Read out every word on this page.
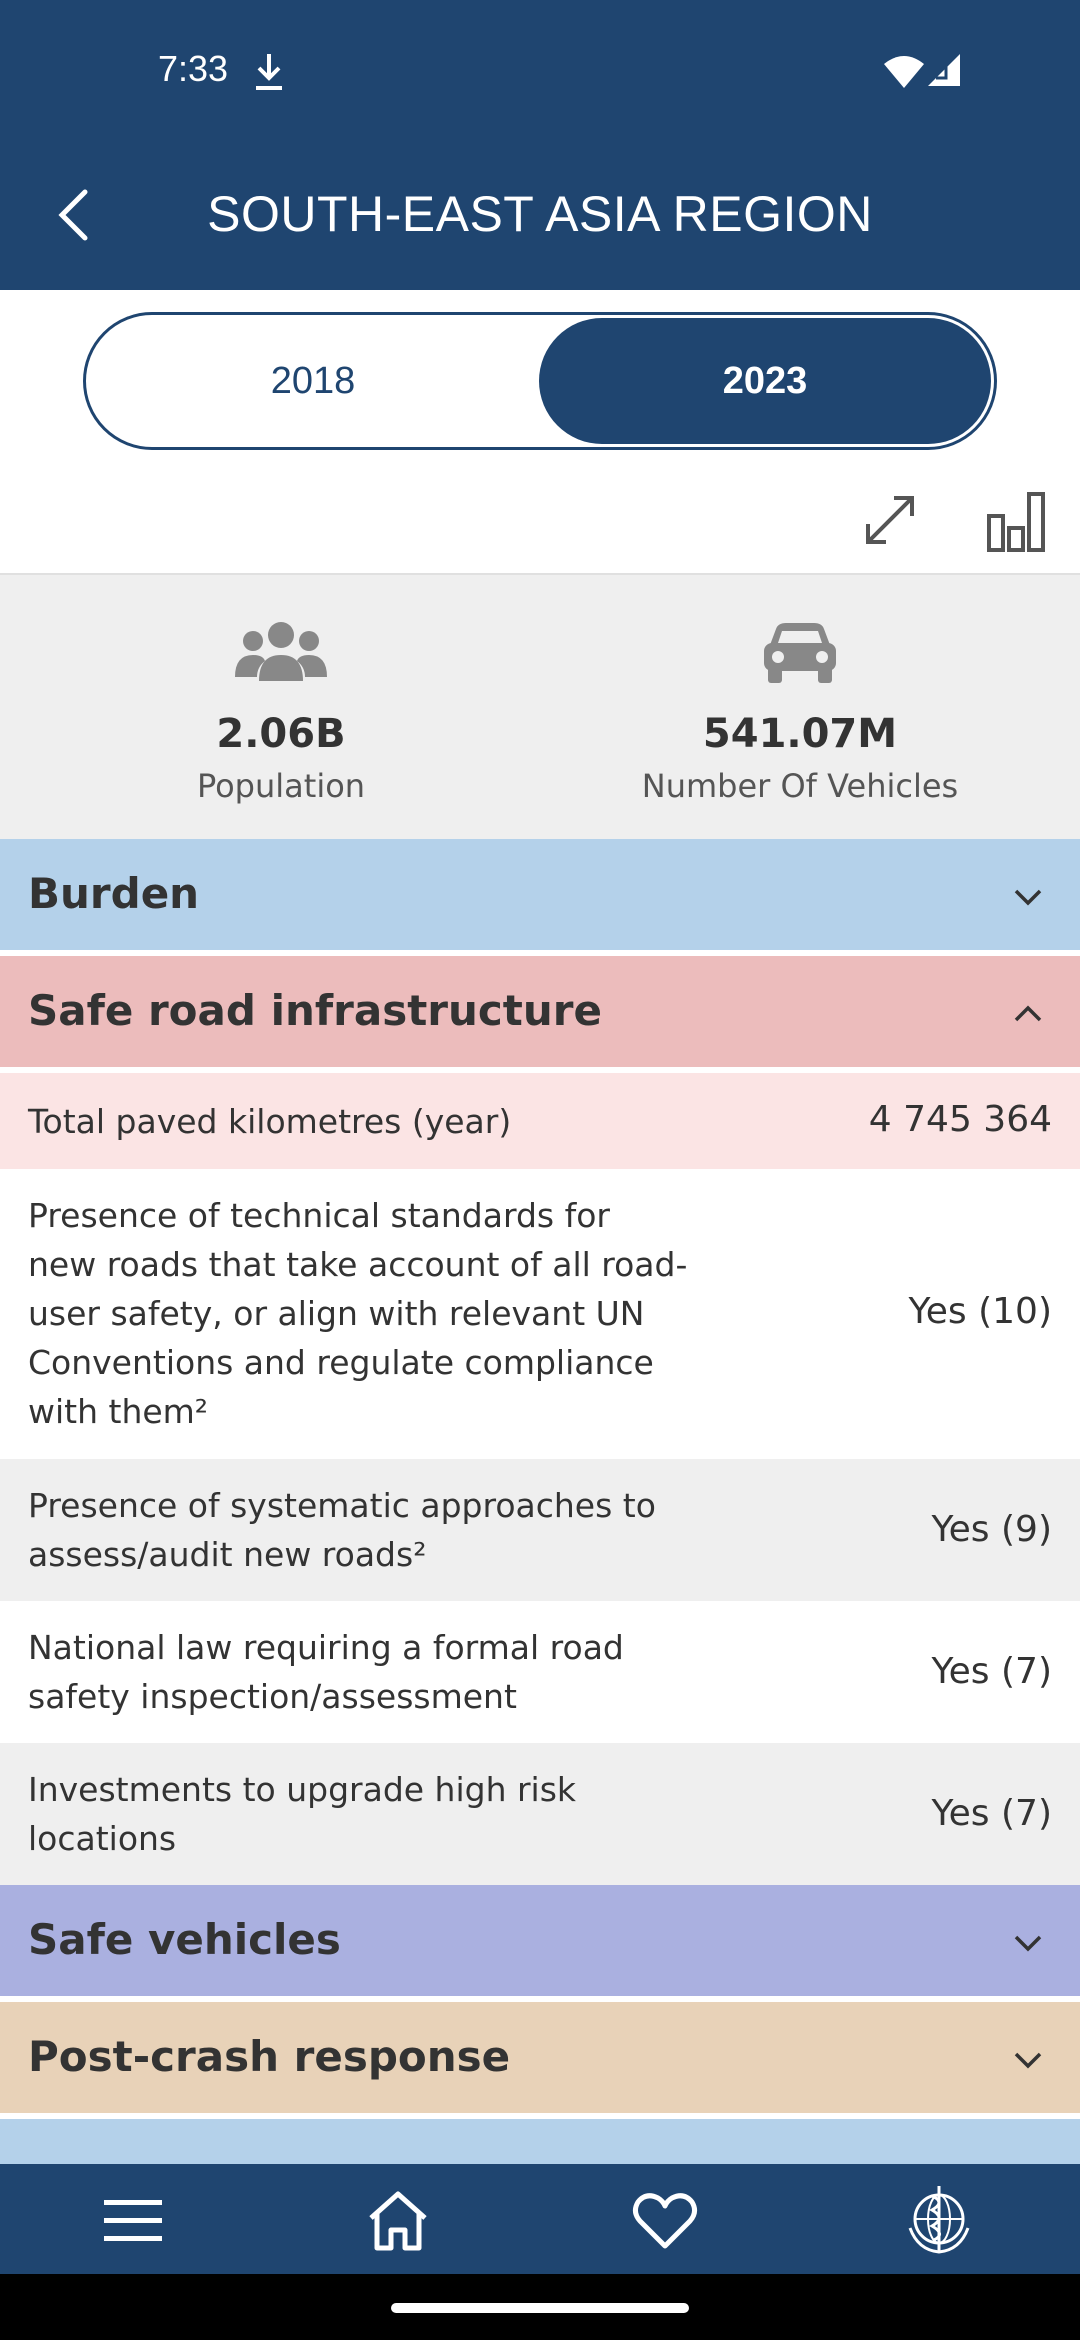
7:33
SOUTH-EAST ASIA REGION
2018	2023
2.06B
Population
541.07M
Number Of Vehicles
Burden
Safe road infrastructure
Total paved kilometres (year)	4 745 364
Presence of technical standards for new roads that take account of all road-user safety, or align with relevant UN Conventions and regulate compliance with them²
Yes (10)
Presence of systematic approaches to assess/audit new roads²
Yes (9)
National law requiring a formal road safety inspection/assessment
Yes (7)
Investments to upgrade high risk locations
Yes (7)
Safe vehicles
Post-crash response
